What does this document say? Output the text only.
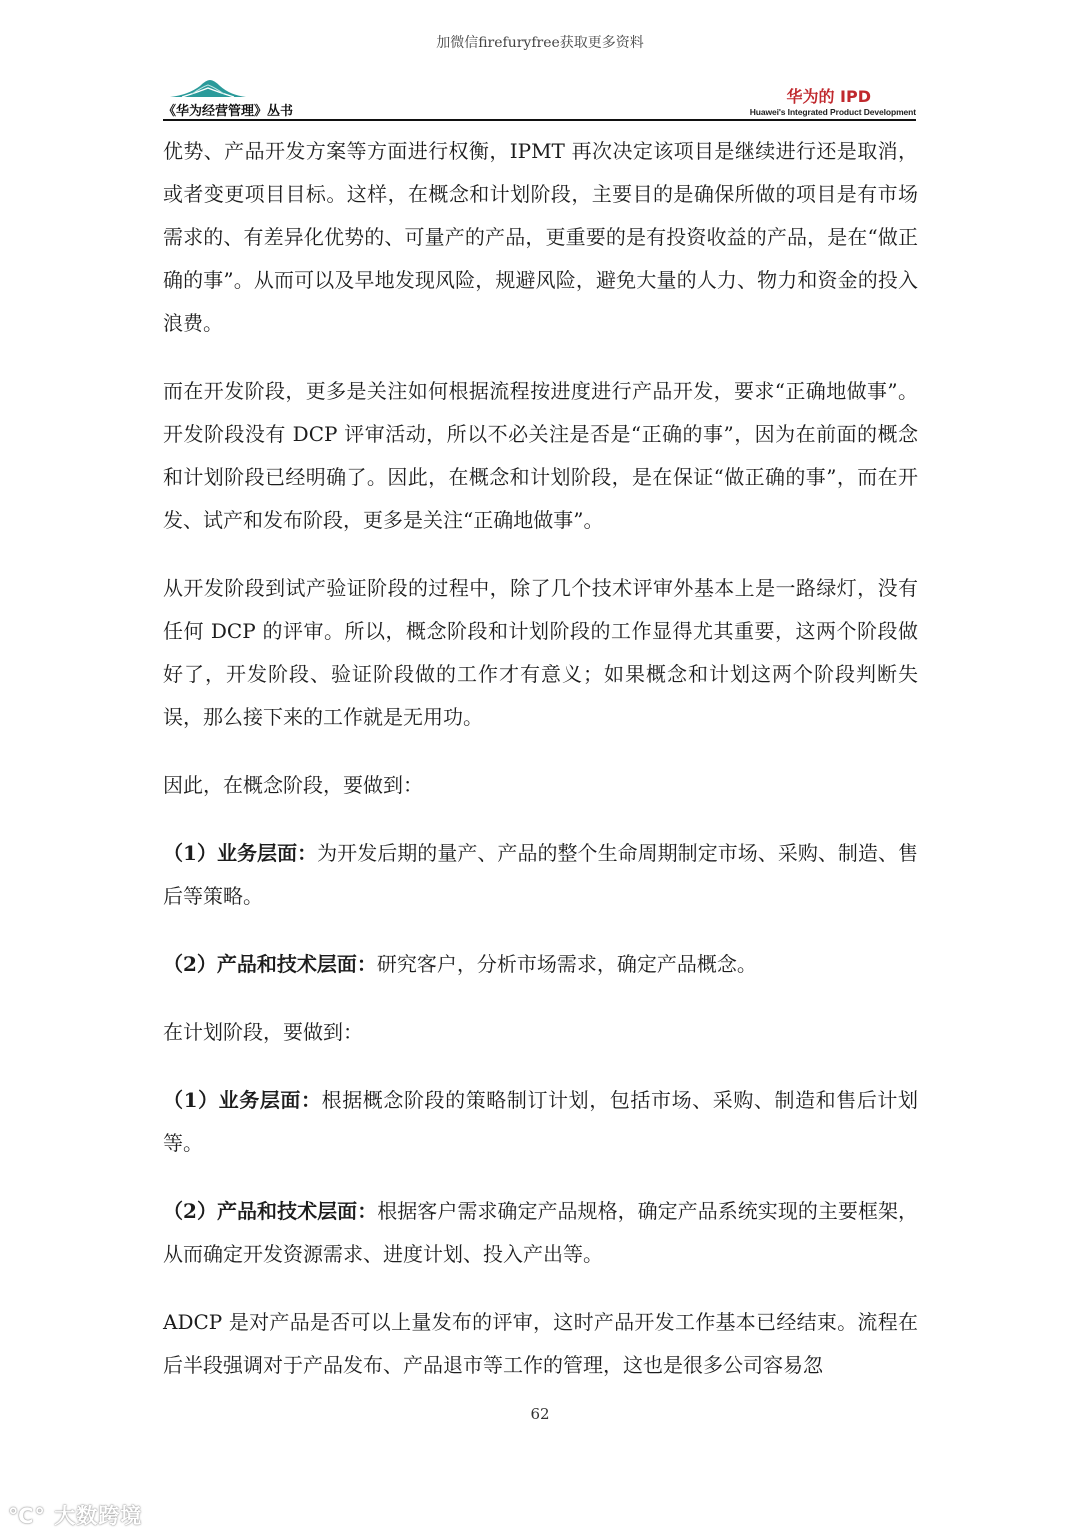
加微信firefuryfree获取更多资料
《华为经营管理》丛书
华为的 IPD
Huawei's Integrated Product Development

优势、产品开发方案等方面进行权衡，IPMT 再次决定该项目是继续进行还是取消，或者变更项目目标。这样，在概念和计划阶段，主要目的是确保所做的项目是有市场需求的、有差异化优势的、可量产的产品，更重要的是有投资收益的产品，是在“做正确的事”。从而可以及早地发现风险，规避风险，避免大量的人力、物力和资金的投入浪费。

而在开发阶段，更多是关注如何根据流程按进度进行产品开发，要求“正确地做事”。开发阶段没有 DCP 评审活动，所以不必关注是否是“正确的事”，因为在前面的概念和计划阶段已经明确了。因此，在概念和计划阶段，是在保证“做正确的事”，而在开发、试产和发布阶段，更多是关注“正确地做事”。

从开发阶段到试产验证阶段的过程中，除了几个技术评审外基本上是一路绿灯，没有任何 DCP 的评审。所以，概念阶段和计划阶段的工作显得尤其重要，这两个阶段做好了，开发阶段、验证阶段做的工作才有意义；如果概念和计划这两个阶段判断失误，那么接下来的工作就是无用功。

因此，在概念阶段，要做到：

（1）业务层面：为开发后期的量产、产品的整个生命周期制定市场、采购、制造、售后等策略。

（2）产品和技术层面：研究客户，分析市场需求，确定产品概念。

在计划阶段，要做到：

（1）业务层面：根据概念阶段的策略制订计划，包括市场、采购、制造和售后计划等。

（2）产品和技术层面：根据客户需求确定产品规格，确定产品系统实现的主要框架，从而确定开发资源需求、进度计划、投入产出等。

ADCP 是对产品是否可以上量发布的评审，这时产品开发工作基本已经结束。流程在后半段强调对于产品发布、产品退市等工作的管理，这也是很多公司容易忽

62
℃° 大数跨境
